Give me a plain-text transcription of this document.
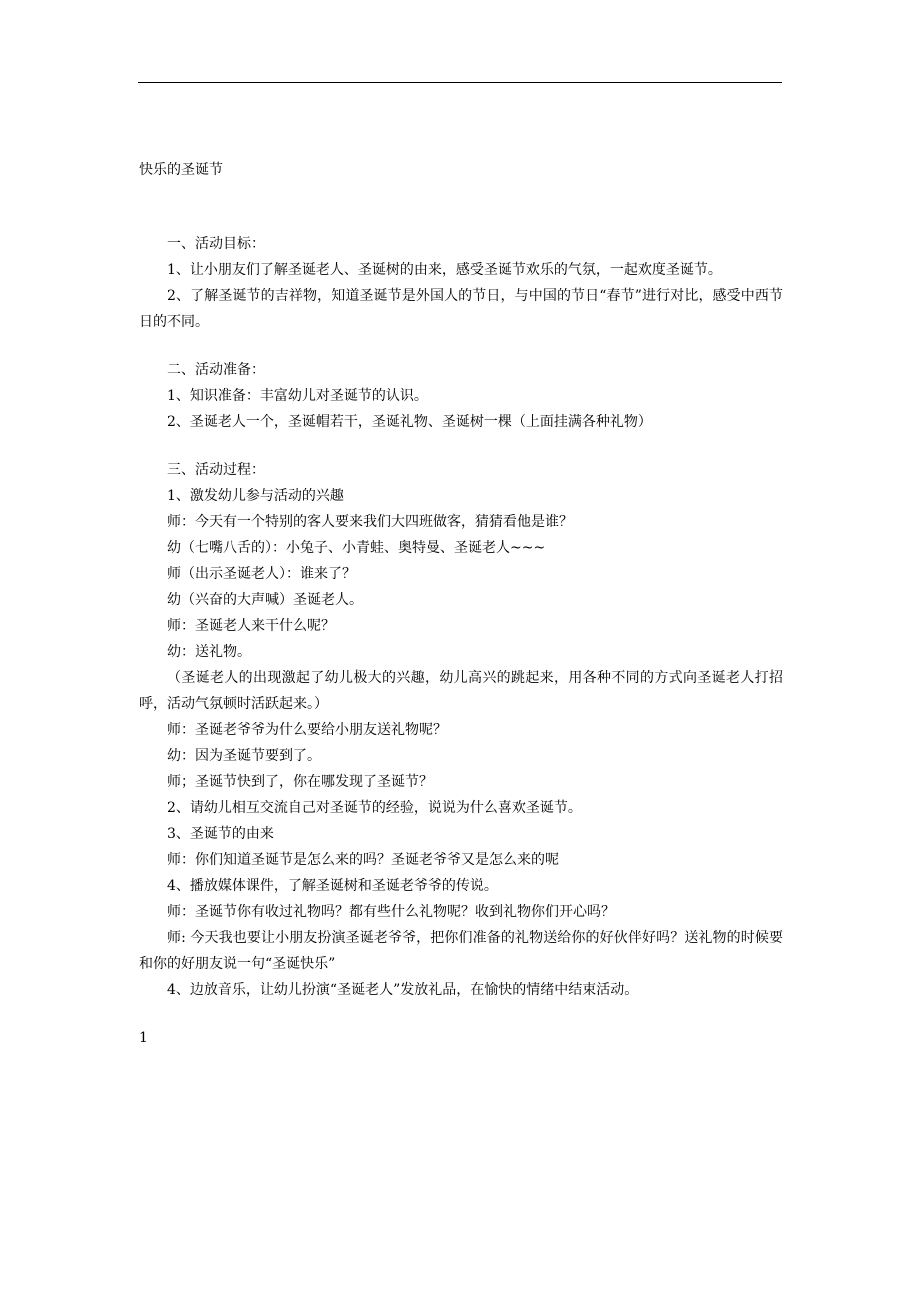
快乐的圣诞节

一、活动目标：

1、让小朋友们了解圣诞老人、圣诞树的由来，感受圣诞节欢乐的气氛，一起欢度圣诞节。

2、了解圣诞节的吉祥物，知道圣诞节是外国人的节日，与中国的节日“春节”进行对比，感受中西节日的不同。

二、活动准备：

1、知识准备：丰富幼儿对圣诞节的认识。

2、圣诞老人一个，圣诞帽若干，圣诞礼物、圣诞树一棵（上面挂满各种礼物）

三、活动过程：

1、激发幼儿参与活动的兴趣

师：今天有一个特别的客人要来我们大四班做客，猜猜看他是谁？

幼（七嘴八舌的）：小兔子、小青蛙、奥特曼、圣诞老人~~~

师（出示圣诞老人）：谁来了？

幼（兴奋的大声喊）圣诞老人。

师：圣诞老人来干什么呢？

幼：送礼物。

（圣诞老人的出现激起了幼儿极大的兴趣，幼儿高兴的跳起来，用各种不同的方式向圣诞老人打招呼，活动气氛顿时活跃起来。）

师：圣诞老爷爷为什么要给小朋友送礼物呢？

幼：因为圣诞节要到了。

师；圣诞节快到了，你在哪发现了圣诞节？

2、请幼儿相互交流自己对圣诞节的经验，说说为什么喜欢圣诞节。

3、圣诞节的由来

师：你们知道圣诞节是怎么来的吗？圣诞老爷爷又是怎么来的呢

4、播放媒体课件，了解圣诞树和圣诞老爷爷的传说。

师：圣诞节你有收过礼物吗？都有些什么礼物呢？收到礼物你们开心吗？

师: 今天我也要让小朋友扮演圣诞老爷爷，把你们准备的礼物送给你的好伙伴好吗？送礼物的时候要和你的好朋友说一句“圣诞快乐”

4、边放音乐，让幼儿扮演“圣诞老人”发放礼品，在愉快的情绪中结束活动。

1
